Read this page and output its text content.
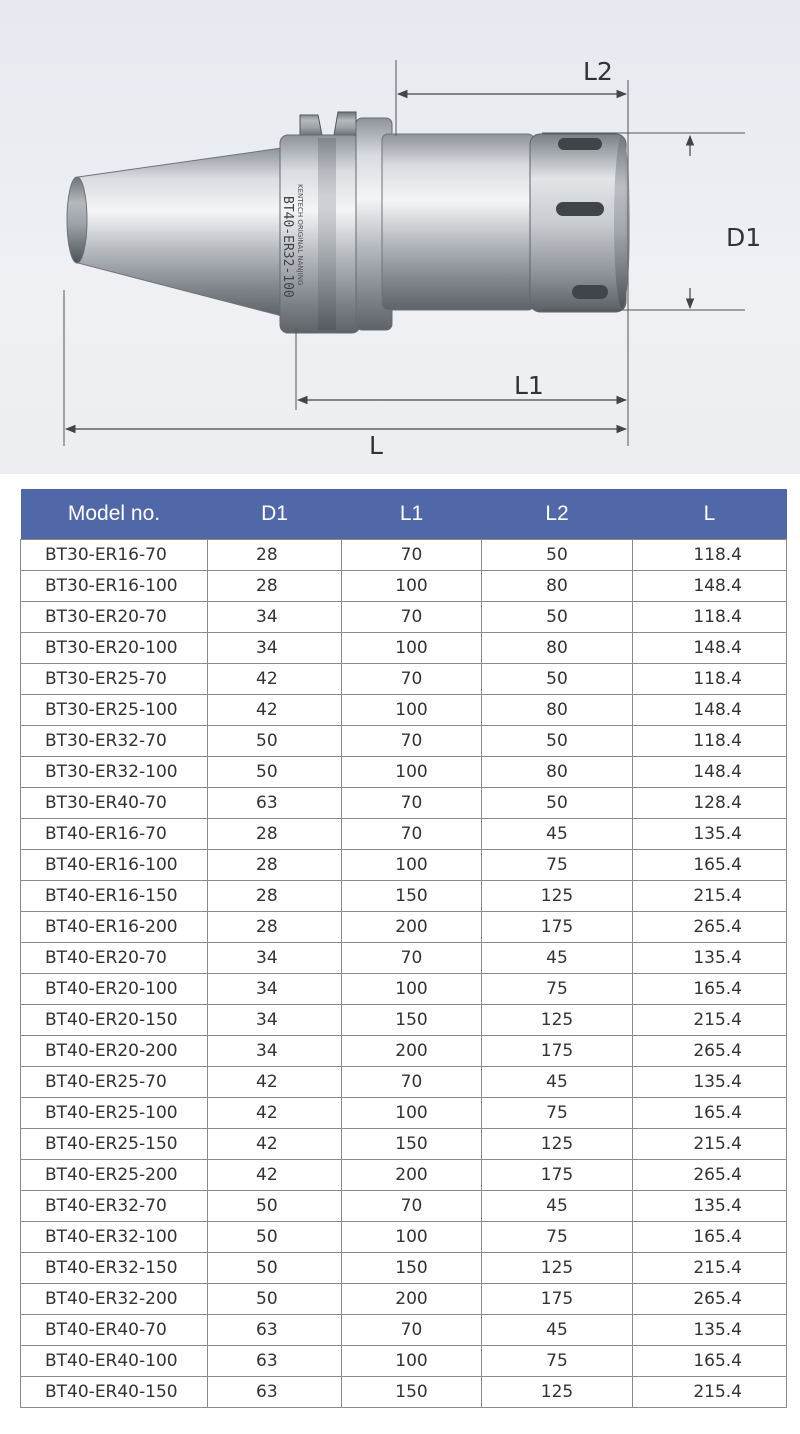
BT40-ER32-100 KENTECH ORIGINAL NANJING
L2
D1
L1
L
Model no.	D1	L1	L2	L
BT30-ER16-70	28	70	50	118.4
BT30-ER16-100	28	100	80	148.4
BT30-ER20-70	34	70	50	118.4
BT30-ER20-100	34	100	80	148.4
BT30-ER25-70	42	70	50	118.4
BT30-ER25-100	42	100	80	148.4
BT30-ER32-70	50	70	50	118.4
BT30-ER32-100	50	100	80	148.4
BT30-ER40-70	63	70	50	128.4
BT40-ER16-70	28	70	45	135.4
BT40-ER16-100	28	100	75	165.4
BT40-ER16-150	28	150	125	215.4
BT40-ER16-200	28	200	175	265.4
BT40-ER20-70	34	70	45	135.4
BT40-ER20-100	34	100	75	165.4
BT40-ER20-150	34	150	125	215.4
BT40-ER20-200	34	200	175	265.4
BT40-ER25-70	42	70	45	135.4
BT40-ER25-100	42	100	75	165.4
BT40-ER25-150	42	150	125	215.4
BT40-ER25-200	42	200	175	265.4
BT40-ER32-70	50	70	45	135.4
BT40-ER32-100	50	100	75	165.4
BT40-ER32-150	50	150	125	215.4
BT40-ER32-200	50	200	175	265.4
BT40-ER40-70	63	70	45	135.4
BT40-ER40-100	63	100	75	165.4
BT40-ER40-150	63	150	125	215.4
